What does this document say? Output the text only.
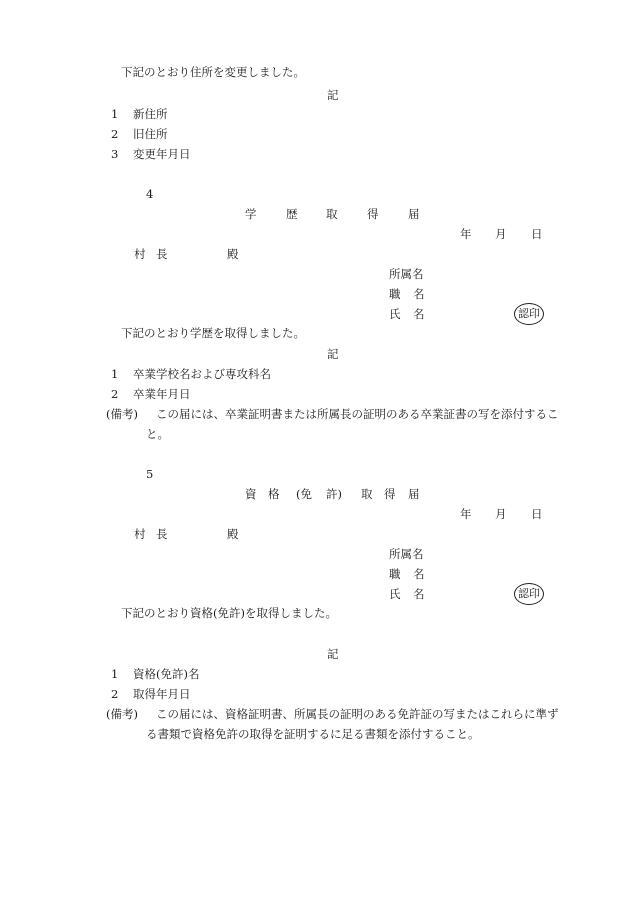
下記のとおり住所を変更しました。
記
1 新住所
2 旧住所
3 変更年月日
4
学	歴 取	得	届
年 月 日
村 長	殿
所属名
職 名
氏 名	認印
下記のとおり学歴を取得しました。
記
1 卒業学校名および専攻科名
2 卒業年月日
(備考) この届には、卒業証明書または所属長の証明のある卒業証書の写を添付するこ
と。
5
資 格 (免 許) 取 得 届
年 月 日
村 長	殿
所属名
職 名
氏 名	認印
下記のとおり資格(免許)を取得しました。
記
1 資格(免許)名
2 取得年月日
(備考) この届には、資格証明書、所属長の証明のある免許証の写またはこれらに準ず
る書類で資格免許の取得を証明するに足る書類を添付すること。
